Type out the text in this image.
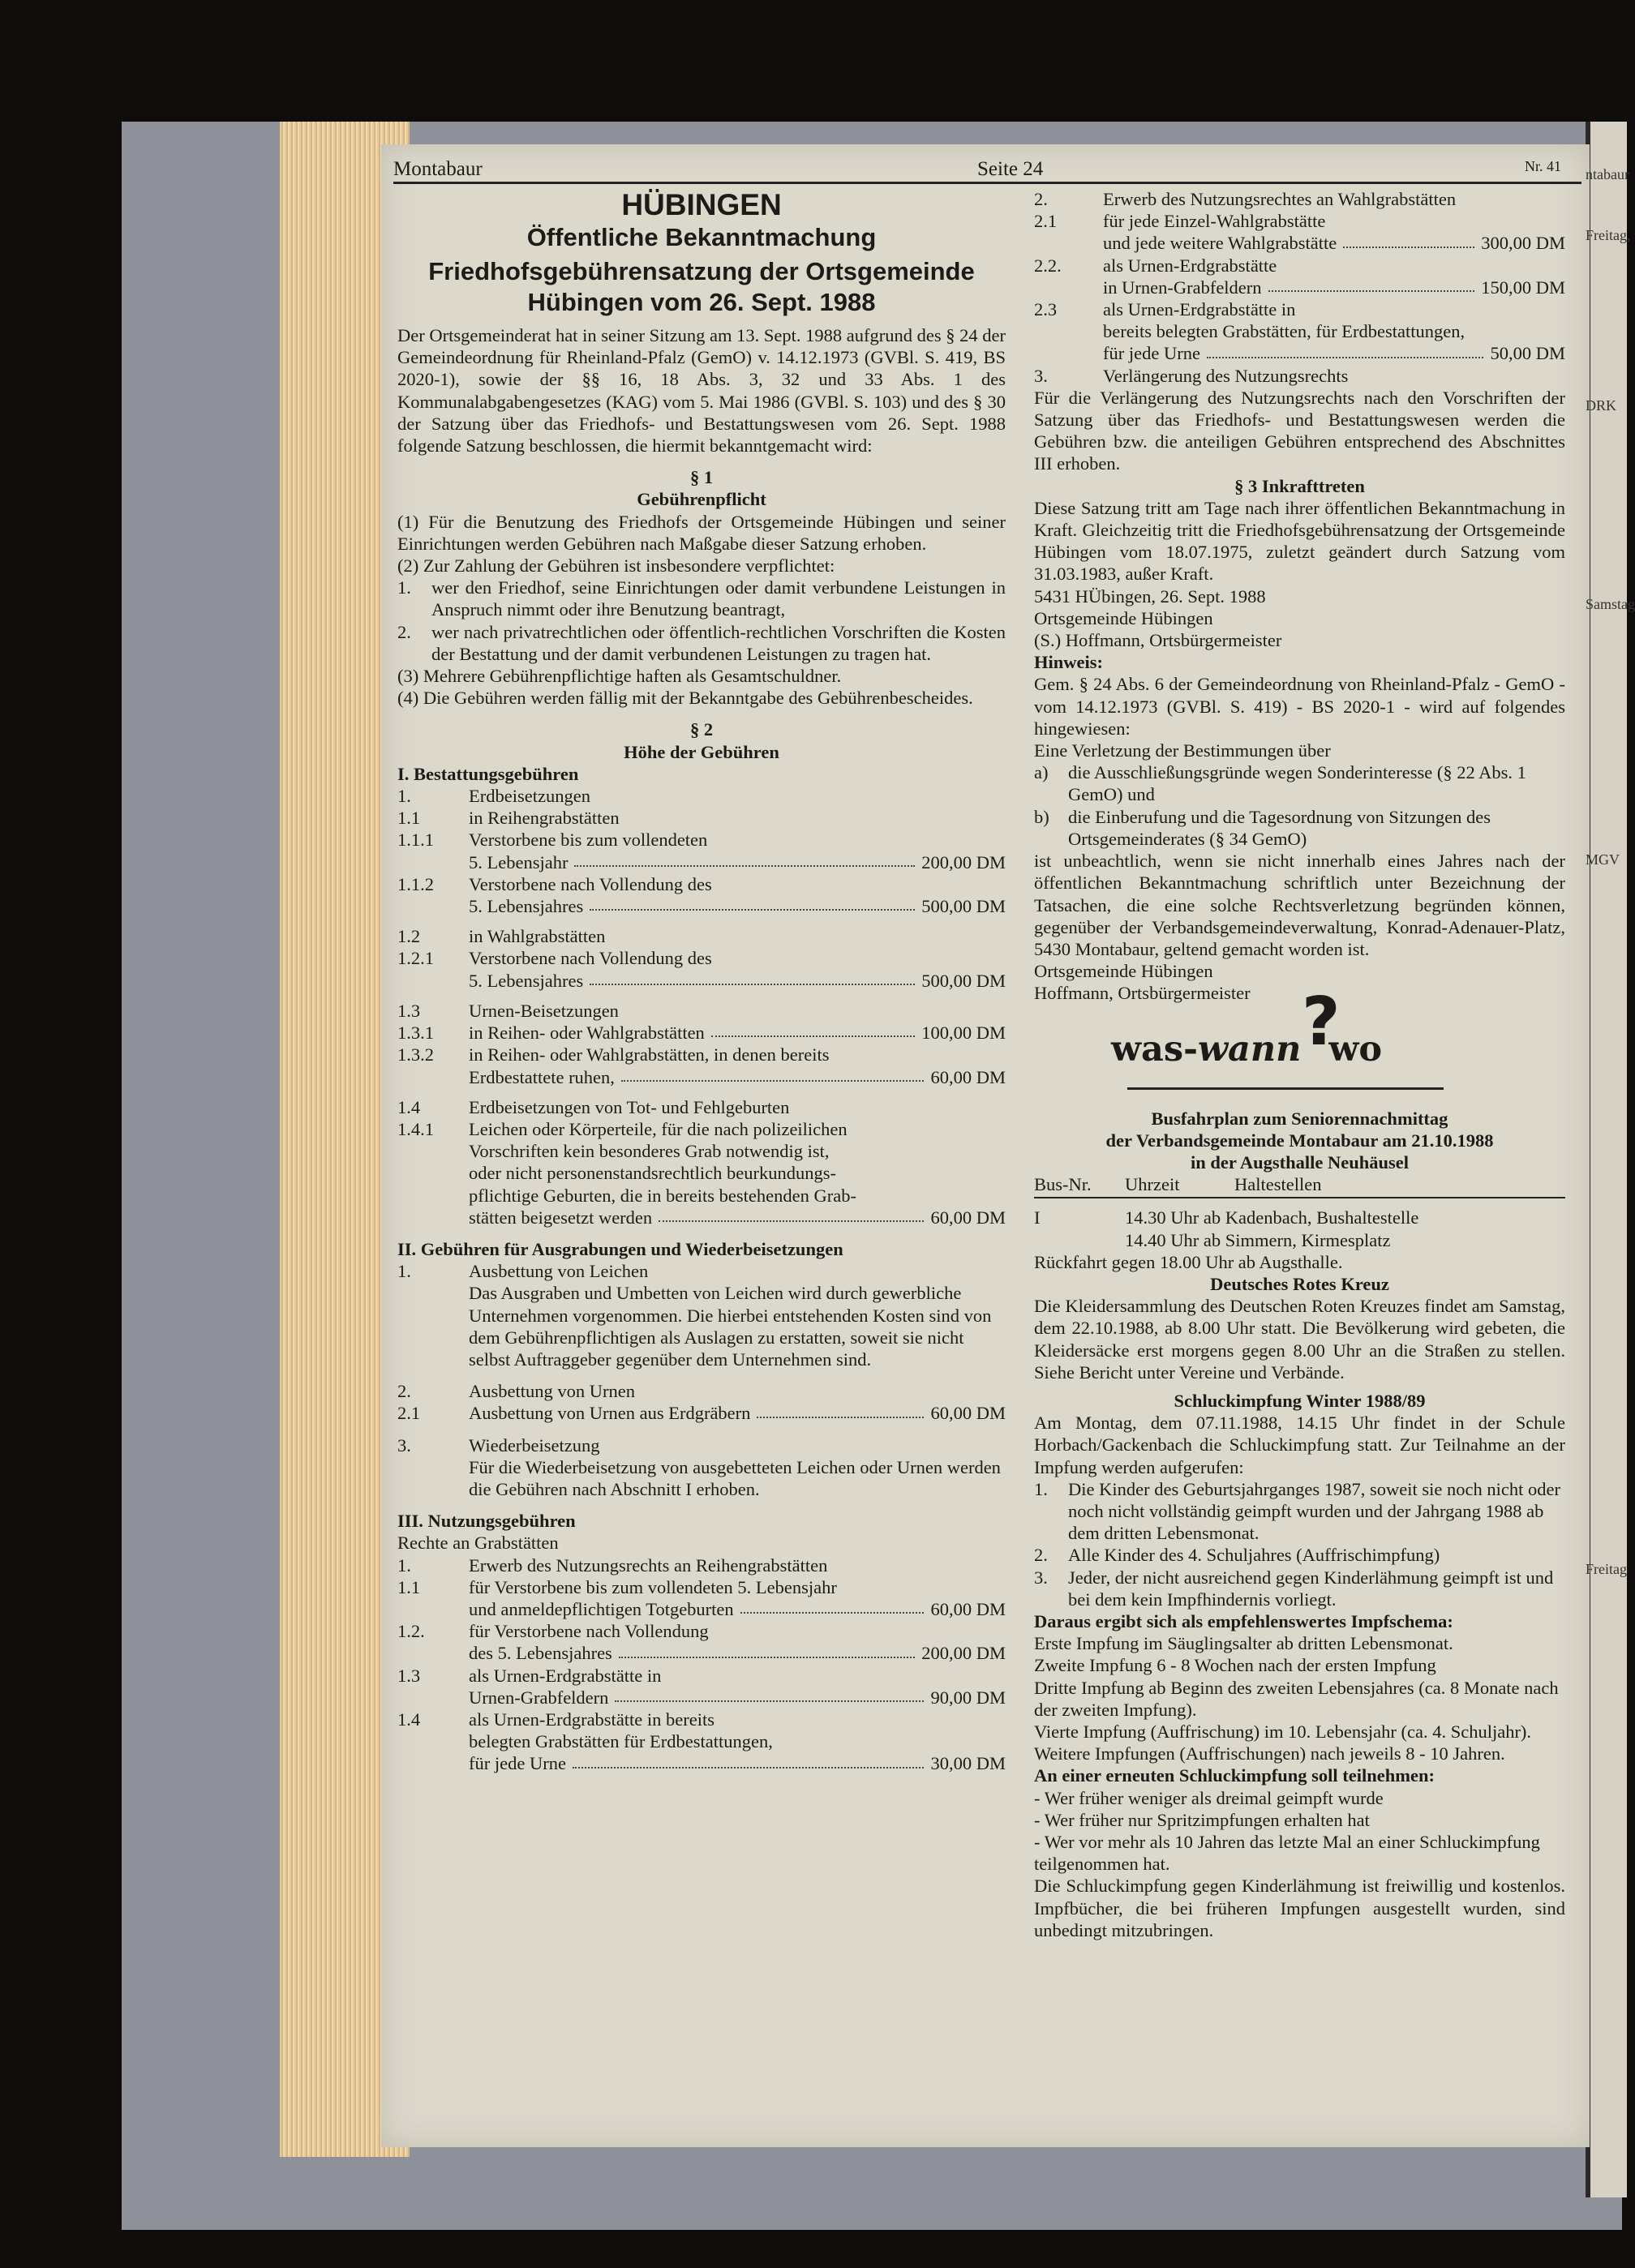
ntabaur
Freitag,
DRK
Samstag
MGV
Freitag
Montabaur	Seite 24	Nr. 41
HÜBINGEN
Öffentliche Bekanntmachung
Friedhofsgebührensatzung der Ortsgemeinde Hübingen vom 26. Sept. 1988

Der Ortsgemeinderat hat in seiner Sitzung am 13. Sept. 1988 aufgrund des § 24 der Gemeindeordnung für Rheinland-Pfalz (GemO) v. 14.12.1973 (GVBl. S. 419, BS 2020-1), sowie der §§ 16, 18 Abs. 3, 32 und 33 Abs. 1 des Kommunalabgabengesetzes (KAG) vom 5. Mai 1986 (GVBl. S. 103) und des § 30 der Satzung über das Friedhofs- und Bestattungswesen vom 26. Sept. 1988 folgende Satzung beschlossen, die hiermit bekanntgemacht wird:

§ 1
Gebührenpflicht

(1) Für die Benutzung des Friedhofs der Ortsgemeinde Hübingen und seiner Einrichtungen werden Gebühren nach Maßgabe dieser Satzung erhoben.

(2) Zur Zahlung der Gebühren ist insbesondere verpflichtet:

1.	wer den Friedhof, seine Einrichtungen oder damit verbundene Leistungen in Anspruch nimmt oder ihre Benutzung beantragt,
2.	wer nach privatrechtlichen oder öffentlich-rechtlichen Vorschriften die Kosten der Bestattung und der damit verbundenen Leistungen zu tragen hat.

(3) Mehrere Gebührenpflichtige haften als Gesamtschuldner.

(4) Die Gebühren werden fällig mit der Bekanntgabe des Gebührenbescheides.

§ 2
Höhe der Gebühren
I. Bestattungsgebühren
1.	Erdbeisetzungen
1.1	in Reihengrabstätten
1.1.1	Verstorbene bis zum vollendeten
5. Lebensjahr	200,00 DM
1.1.2	Verstorbene nach Vollendung des
5. Lebensjahres	500,00 DM
1.2	in Wahlgrabstätten
1.2.1	Verstorbene nach Vollendung des
5. Lebensjahres	500,00 DM
1.3	Urnen-Beisetzungen
1.3.1	in Reihen- oder Wahlgrabstätten	100,00 DM
1.3.2	in Reihen- oder Wahlgrabstätten, in denen bereits
Erdbestattete ruhen,	60,00 DM
1.4	Erdbeisetzungen von Tot- und Fehlgeburten
1.4.1	Leichen oder Körperteile, für die nach polizeilichen
Vorschriften kein besonderes Grab notwendig ist,
oder nicht personenstandsrechtlich beurkundungs-
pflichtige Geburten, die in bereits bestehenden Grab-
stätten beigesetzt werden	60,00 DM
II. Gebühren für Ausgrabungen und Wiederbeisetzungen
1.	Ausbettung von Leichen
Das Ausgraben und Umbetten von Leichen wird durch gewerbliche Unternehmen vorgenommen. Die hierbei entstehenden Kosten sind von dem Gebührenpflichtigen als Auslagen zu erstatten, soweit sie nicht selbst Auftraggeber gegenüber dem Unternehmen sind.
2.	Ausbettung von Urnen
2.1	Ausbettung von Urnen aus Erdgräbern	60,00 DM
3.	Wiederbeisetzung
Für die Wiederbeisetzung von ausgebetteten Leichen oder Urnen werden die Gebühren nach Abschnitt I erhoben.
III. Nutzungsgebühren
Rechte an Grabstätten
1.	Erwerb des Nutzungsrechts an Reihengrabstätten
1.1	für Verstorbene bis zum vollendeten 5. Lebensjahr
und anmeldepflichtigen Totgeburten	60,00 DM
1.2.	für Verstorbene nach Vollendung
des 5. Lebensjahres	200,00 DM
1.3	als Urnen-Erdgrabstätte in
Urnen-Grabfeldern	90,00 DM
1.4	als Urnen-Erdgrabstätte in bereits
belegten Grabstätten für Erdbestattungen,
für jede Urne	30,00 DM
2.	Erwerb des Nutzungsrechtes an Wahlgrabstätten
2.1	für jede Einzel-Wahlgrabstätte
und jede weitere Wahlgrabstätte	300,00 DM
2.2.	als Urnen-Erdgrabstätte
in Urnen-Grabfeldern	150,00 DM
2.3	als Urnen-Erdgrabstätte in
bereits belegten Grabstätten, für Erdbestattungen,
für jede Urne	50,00 DM
3.	Verlängerung des Nutzungsrechts

Für die Verlängerung des Nutzungsrechts nach den Vorschriften der Satzung über das Friedhofs- und Bestattungswesen werden die Gebühren bzw. die anteiligen Gebühren entsprechend des Abschnittes III erhoben.

§ 3 Inkrafttreten

Diese Satzung tritt am Tage nach ihrer öffentlichen Bekanntmachung in Kraft. Gleichzeitig tritt die Friedhofsgebührensatzung der Ortsgemeinde Hübingen vom 18.07.1975, zuletzt geändert durch Satzung vom 31.03.1983, außer Kraft.

5431 HÜbingen, 26. Sept. 1988

Ortsgemeinde Hübingen

(S.) Hoffmann, Ortsbürgermeister

Hinweis:

Gem. § 24 Abs. 6 der Gemeindeordnung von Rheinland-Pfalz - GemO - vom 14.12.1973 (GVBl. S. 419) - BS 2020-1 - wird auf folgendes hingewiesen:

Eine Verletzung der Bestimmungen über

a)	die Ausschließungsgründe wegen Sonderinteresse (§ 22 Abs. 1 GemO) und
b)	die Einberufung und die Tagesordnung von Sitzungen des Ortsgemeinderates (§ 34 GemO)

ist unbeachtlich, wenn sie nicht innerhalb eines Jahres nach der öffentlichen Bekanntmachung schriftlich unter Bezeichnung der Tatsachen, die eine solche Rechtsverletzung begründen können, gegenüber der Verbandsgemeindeverwaltung, Konrad-Adenauer-Platz, 5430 Montabaur, geltend gemacht worden ist.

Ortsgemeinde Hübingen

Hoffmann, Ortsbürgermeister

was-wann wo
?
Busfahrplan zum Seniorennachmittag
der Verbandsgemeinde Montabaur am 21.10.1988
in der Augsthalle Neuhäusel
Bus-Nr.	Uhrzeit	Haltestellen
I	14.30 Uhr ab Kadenbach, Bushaltestelle
14.40 Uhr ab Simmern, Kirmesplatz

Rückfahrt gegen 18.00 Uhr ab Augsthalle.

Deutsches Rotes Kreuz

Die Kleidersammlung des Deutschen Roten Kreuzes findet am Samstag, dem 22.10.1988, ab 8.00 Uhr statt. Die Bevölkerung wird gebeten, die Kleidersäcke erst morgens gegen 8.00 Uhr an die Straßen zu stellen. Siehe Bericht unter Vereine und Verbände.

Schluckimpfung Winter 1988/89

Am Montag, dem 07.11.1988, 14.15 Uhr findet in der Schule Horbach/Gackenbach die Schluckimpfung statt. Zur Teilnahme an der Impfung werden aufgerufen:

1.	Die Kinder des Geburtsjahrganges 1987, soweit sie noch nicht oder noch nicht vollständig geimpft wurden und der Jahrgang 1988 ab dem dritten Lebensmonat.
2.	Alle Kinder des 4. Schuljahres (Auffrischimpfung)
3.	Jeder, der nicht ausreichend gegen Kinderlähmung geimpft ist und bei dem kein Impfhindernis vorliegt.

Daraus ergibt sich als empfehlenswertes Impfschema:

Erste Impfung im Säuglingsalter ab dritten Lebensmonat.

Zweite Impfung 6 - 8 Wochen nach der ersten Impfung

Dritte Impfung ab Beginn des zweiten Lebensjahres (ca. 8 Monate nach der zweiten Impfung).

Vierte Impfung (Auffrischung) im 10. Lebensjahr (ca. 4. Schuljahr).

Weitere Impfungen (Auffrischungen) nach jeweils 8 - 10 Jahren.

An einer erneuten Schluckimpfung soll teilnehmen:

- Wer früher weniger als dreimal geimpft wurde

- Wer früher nur Spritzimpfungen erhalten hat

- Wer vor mehr als 10 Jahren das letzte Mal an einer Schluckimpfung teilgenommen hat.

Die Schluckimpfung gegen Kinderlähmung ist freiwillig und kostenlos. Impfbücher, die bei früheren Impfungen ausgestellt wurden, sind unbedingt mitzubringen.
